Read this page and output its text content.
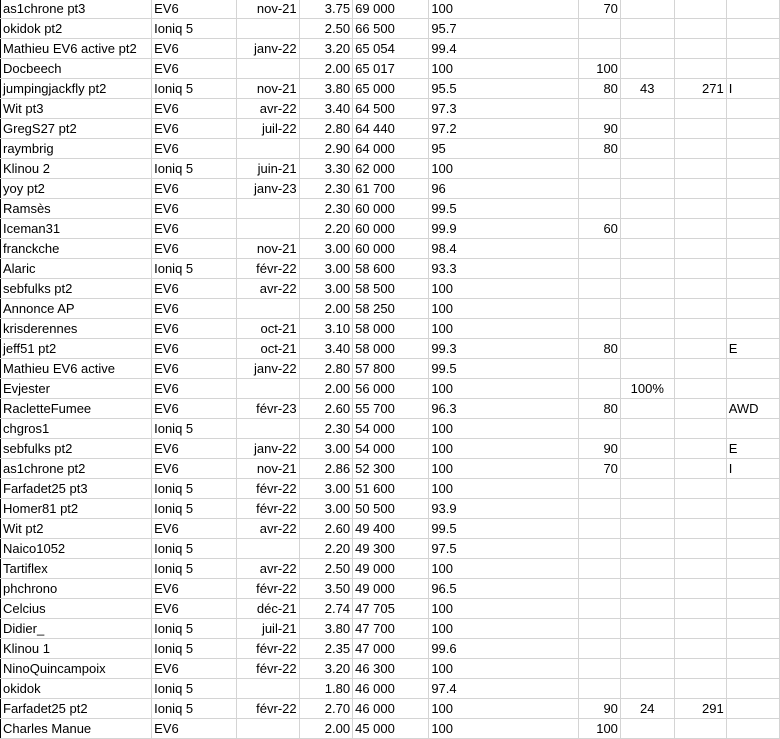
as1chrone pt3	EV6	nov-21	3.75	69 000	100	70			
okidok pt2	Ioniq 5		2.50	66 500	95.7				
Mathieu EV6 active pt2	EV6	janv-22	3.20	65 054	99.4				
Docbeech	EV6		2.00	65 017	100	100			
jumpingjackfly pt2	Ioniq 5	nov-21	3.80	65 000	95.5	80	43	271	I
Wit pt3	EV6	avr-22	3.40	64 500	97.3				
GregS27 pt2	EV6	juil-22	2.80	64 440	97.2	90			
raymbrig	EV6		2.90	64 000	95	80			
Klinou 2	Ioniq 5	juin-21	3.30	62 000	100				
yoy pt2	EV6	janv-23	2.30	61 700	96				
Ramsès	EV6		2.30	60 000	99.5				
Iceman31	EV6		2.20	60 000	99.9	60			
franckche	EV6	nov-21	3.00	60 000	98.4				
Alaric	Ioniq 5	févr-22	3.00	58 600	93.3				
sebfulks pt2	EV6	avr-22	3.00	58 500	100				
Annonce AP	EV6		2.00	58 250	100				
krisderennes	EV6	oct-21	3.10	58 000	100				
jeff51 pt2	EV6	oct-21	3.40	58 000	99.3	80			E
Mathieu EV6 active	EV6	janv-22	2.80	57 800	99.5				
Evjester	EV6		2.00	56 000	100		100%		
RacletteFumee	EV6	févr-23	2.60	55 700	96.3	80			AWD
chgros1	Ioniq 5		2.30	54 000	100				
sebfulks pt2	EV6	janv-22	3.00	54 000	100	90			E
as1chrone pt2	EV6	nov-21	2.86	52 300	100	70			I
Farfadet25 pt3	Ioniq 5	févr-22	3.00	51 600	100				
Homer81 pt2	Ioniq 5	févr-22	3.00	50 500	93.9				
Wit pt2	EV6	avr-22	2.60	49 400	99.5				
Naico1052	Ioniq 5		2.20	49 300	97.5				
Tartiflex	Ioniq 5	avr-22	2.50	49 000	100				
phchrono	EV6	févr-22	3.50	49 000	96.5				
Celcius	EV6	déc-21	2.74	47 705	100				
Didier_	Ioniq 5	juil-21	3.80	47 700	100				
Klinou 1	Ioniq 5	févr-22	2.35	47 000	99.6				
NinoQuincampoix	EV6	févr-22	3.20	46 300	100				
okidok	Ioniq 5		1.80	46 000	97.4				
Farfadet25 pt2	Ioniq 5	févr-22	2.70	46 000	100	90	24	291	
Charles Manue	EV6		2.00	45 000	100	100			
